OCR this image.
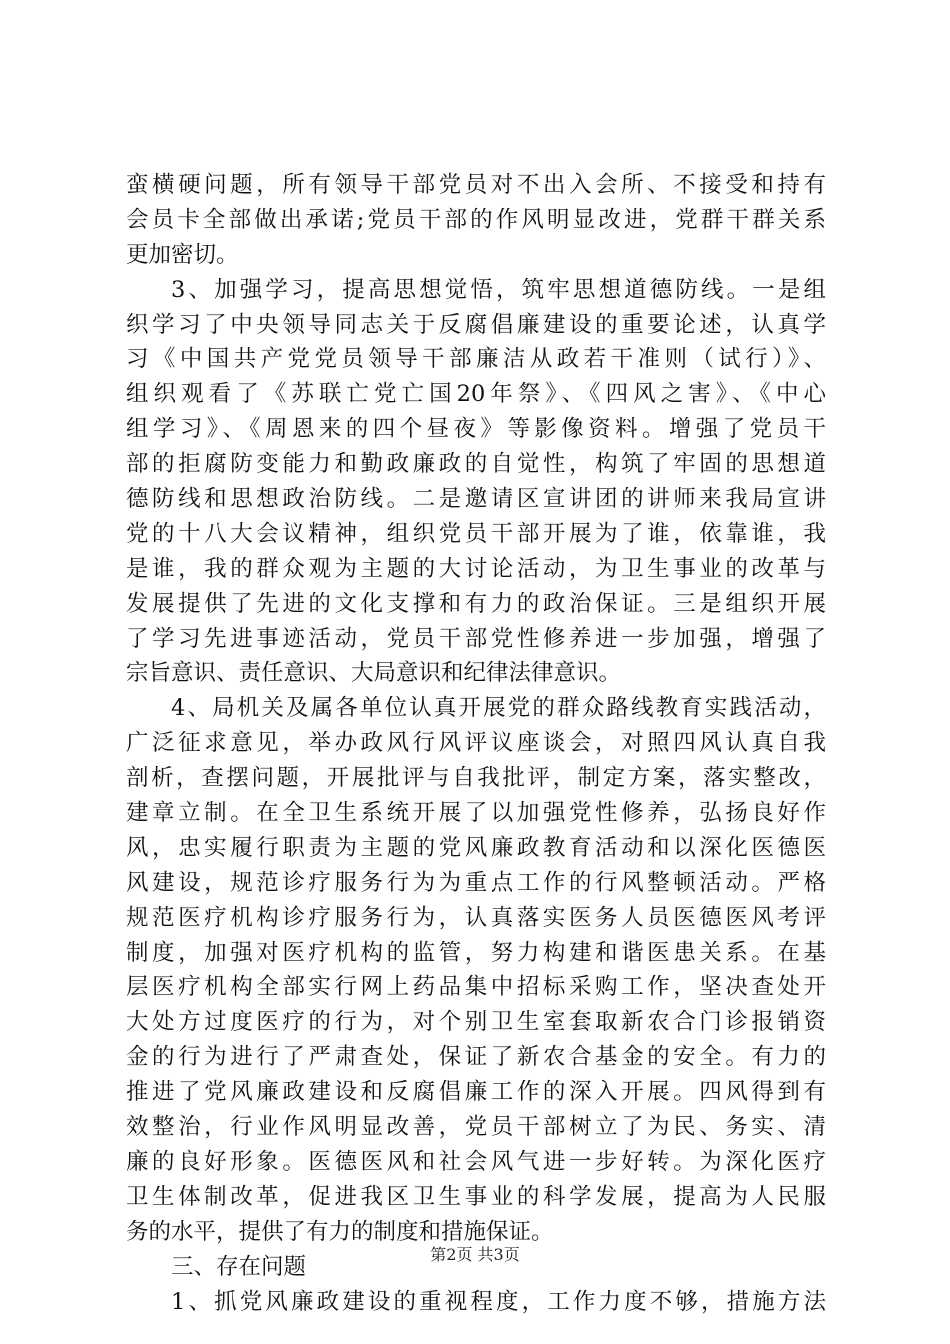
蛮横硬问题，所有领导干部党员对不出入会所、不接受和持有
会员卡全部做出承诺;党员干部的作风明显改进，党群干群关系
更加密切。
3、加强学习，提高思想觉悟，筑牢思想道德防线。一是组
织学习了中央领导同志关于反腐倡廉建设的重要论述，认真学
习《中国共产党党员领导干部廉洁从政若干准则（试行）》、
组织观看了《苏联亡党亡国20年祭》、《四风之害》、《中心
组学习》、《周恩来的四个昼夜》等影像资料。增强了党员干
部的拒腐防变能力和勤政廉政的自觉性，构筑了牢固的思想道
德防线和思想政治防线。二是邀请区宣讲团的讲师来我局宣讲
党的十八大会议精神，组织党员干部开展为了谁，依靠谁，我
是谁，我的群众观为主题的大讨论活动，为卫生事业的改革与
发展提供了先进的文化支撑和有力的政治保证。三是组织开展
了学习先进事迹活动，党员干部党性修养进一步加强，增强了
宗旨意识、责任意识、大局意识和纪律法律意识。
4、局机关及属各单位认真开展党的群众路线教育实践活动，
广泛征求意见，举办政风行风评议座谈会，对照四风认真自我
剖析，查摆问题，开展批评与自我批评，制定方案，落实整改，
建章立制。在全卫生系统开展了以加强党性修养，弘扬良好作
风，忠实履行职责为主题的党风廉政教育活动和以深化医德医
风建设，规范诊疗服务行为为重点工作的行风整顿活动。严格
规范医疗机构诊疗服务行为，认真落实医务人员医德医风考评
制度，加强对医疗机构的监管，努力构建和谐医患关系。在基
层医疗机构全部实行网上药品集中招标采购工作，坚决查处开
大处方过度医疗的行为，对个别卫生室套取新农合门诊报销资
金的行为进行了严肃查处，保证了新农合基金的安全。有力的
推进了党风廉政建设和反腐倡廉工作的深入开展。四风得到有
效整治，行业作风明显改善，党员干部树立了为民、务实、清
廉的良好形象。医德医风和社会风气进一步好转。为深化医疗
卫生体制改革，促进我区卫生事业的科学发展，提高为人民服
务的水平，提供了有力的制度和措施保证。
三、存在问题
1、抓党风廉政建设的重视程度，工作力度不够，措施方法
第2页 共3页
